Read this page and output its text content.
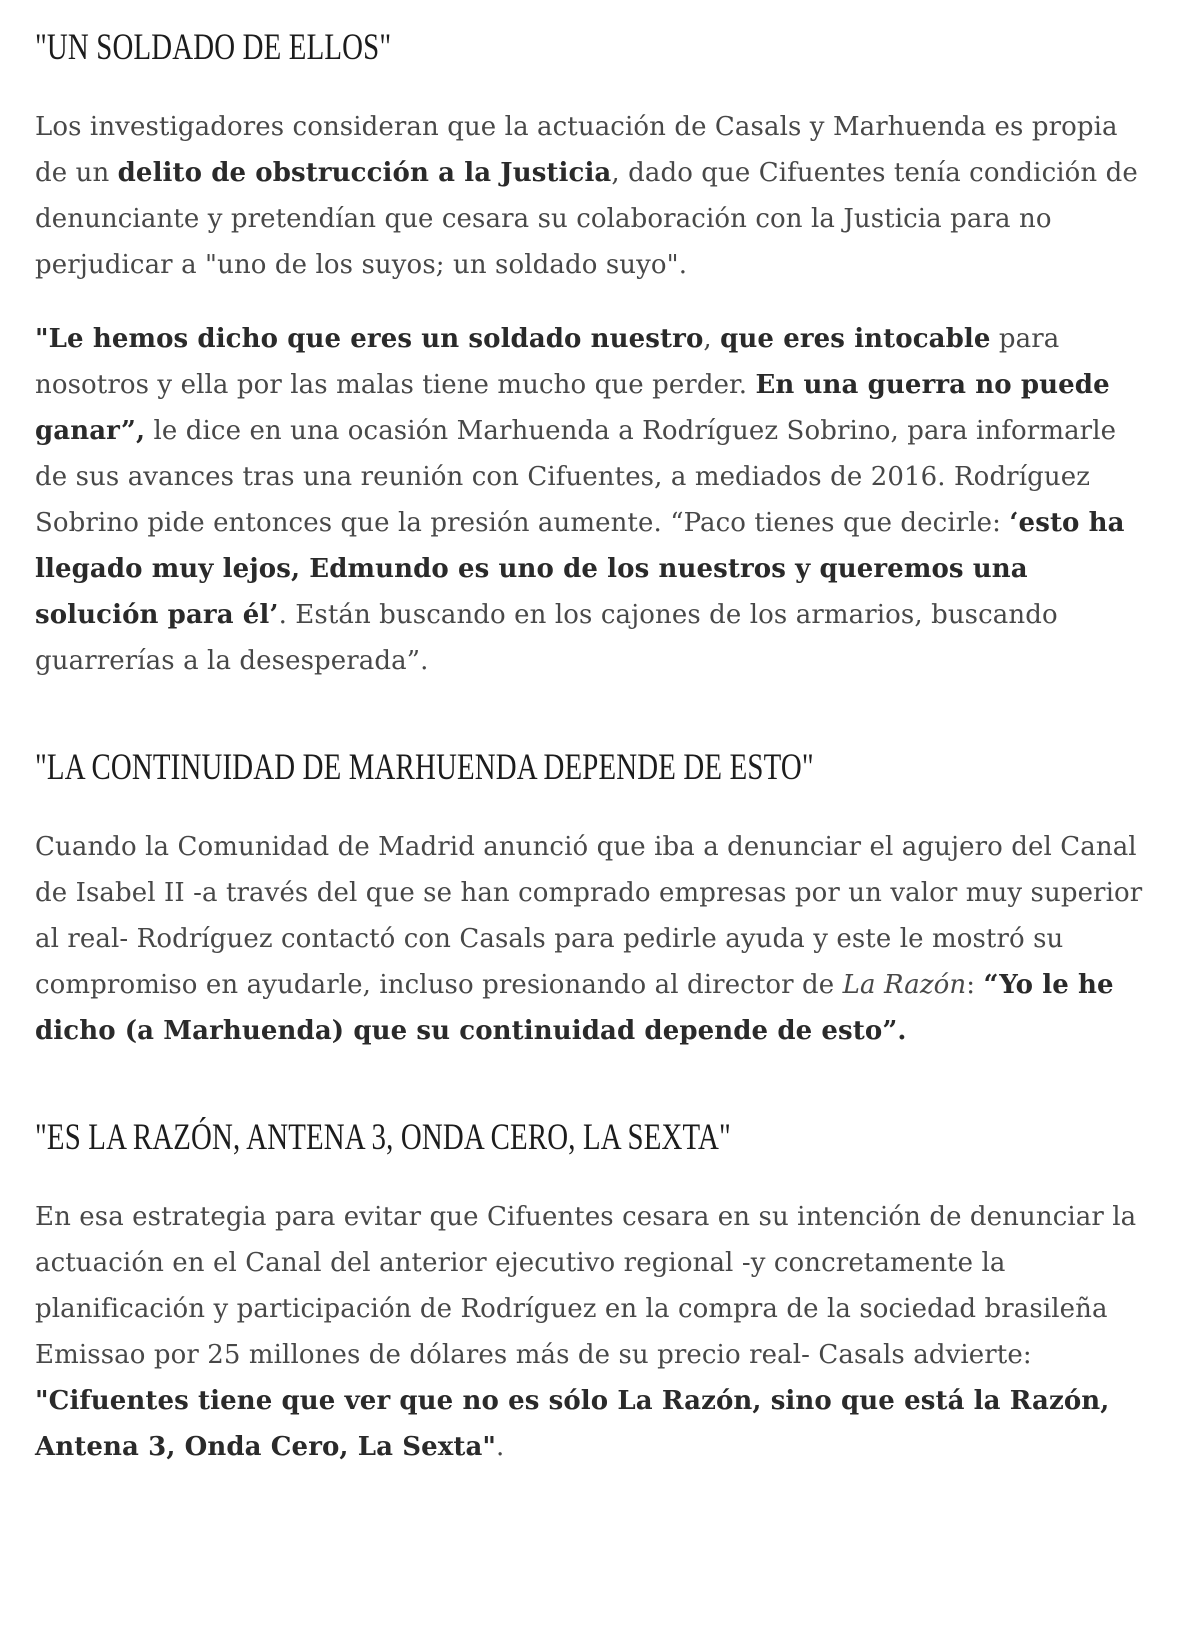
"UN SOLDADO DE ELLOS"

Los investigadores consideran que la actuación de Casals y Marhuenda es propia de un delito de obstrucción a la Justicia, dado que Cifuentes tenía condición de denunciante y pretendían que cesara su colaboración con la Justicia para no perjudicar a "uno de los suyos; un soldado suyo".

"Le hemos dicho que eres un soldado nuestro, que eres intocable para nosotros y ella por las malas tiene mucho que perder. En una guerra no puede ganar”, le dice en una ocasión Marhuenda a Rodríguez Sobrino, para informarle de sus avances tras una reunión con Cifuentes, a mediados de 2016. Rodríguez Sobrino pide entonces que la presión aumente. “Paco tienes que decirle: ‘esto ha llegado muy lejos, Edmundo es uno de los nuestros y queremos una solución para él’. Están buscando en los cajones de los armarios, buscando guarrerías a la desesperada”.

"LA CONTINUIDAD DE MARHUENDA DEPENDE DE ESTO"

Cuando la Comunidad de Madrid anunció que iba a denunciar el agujero del Canal de Isabel II -a través del que se han comprado empresas por un valor muy superior al real- Rodríguez contactó con Casals para pedirle ayuda y este le mostró su compromiso en ayudarle, incluso presionando al director de La Razón: “Yo le he dicho (a Marhuenda) que su continuidad depende de esto”.

"ES LA RAZÓN, ANTENA 3, ONDA CERO, LA SEXTA"

En esa estrategia para evitar que Cifuentes cesara en su intención de denunciar la actuación en el Canal del anterior ejecutivo regional -y concretamente la planificación y participación de Rodríguez en la compra de la sociedad brasileña Emissao por 25 millones de dólares más de su precio real- Casals advierte: "Cifuentes tiene que ver que no es sólo La Razón, sino que está la Razón, Antena 3, Onda Cero, La Sexta".
